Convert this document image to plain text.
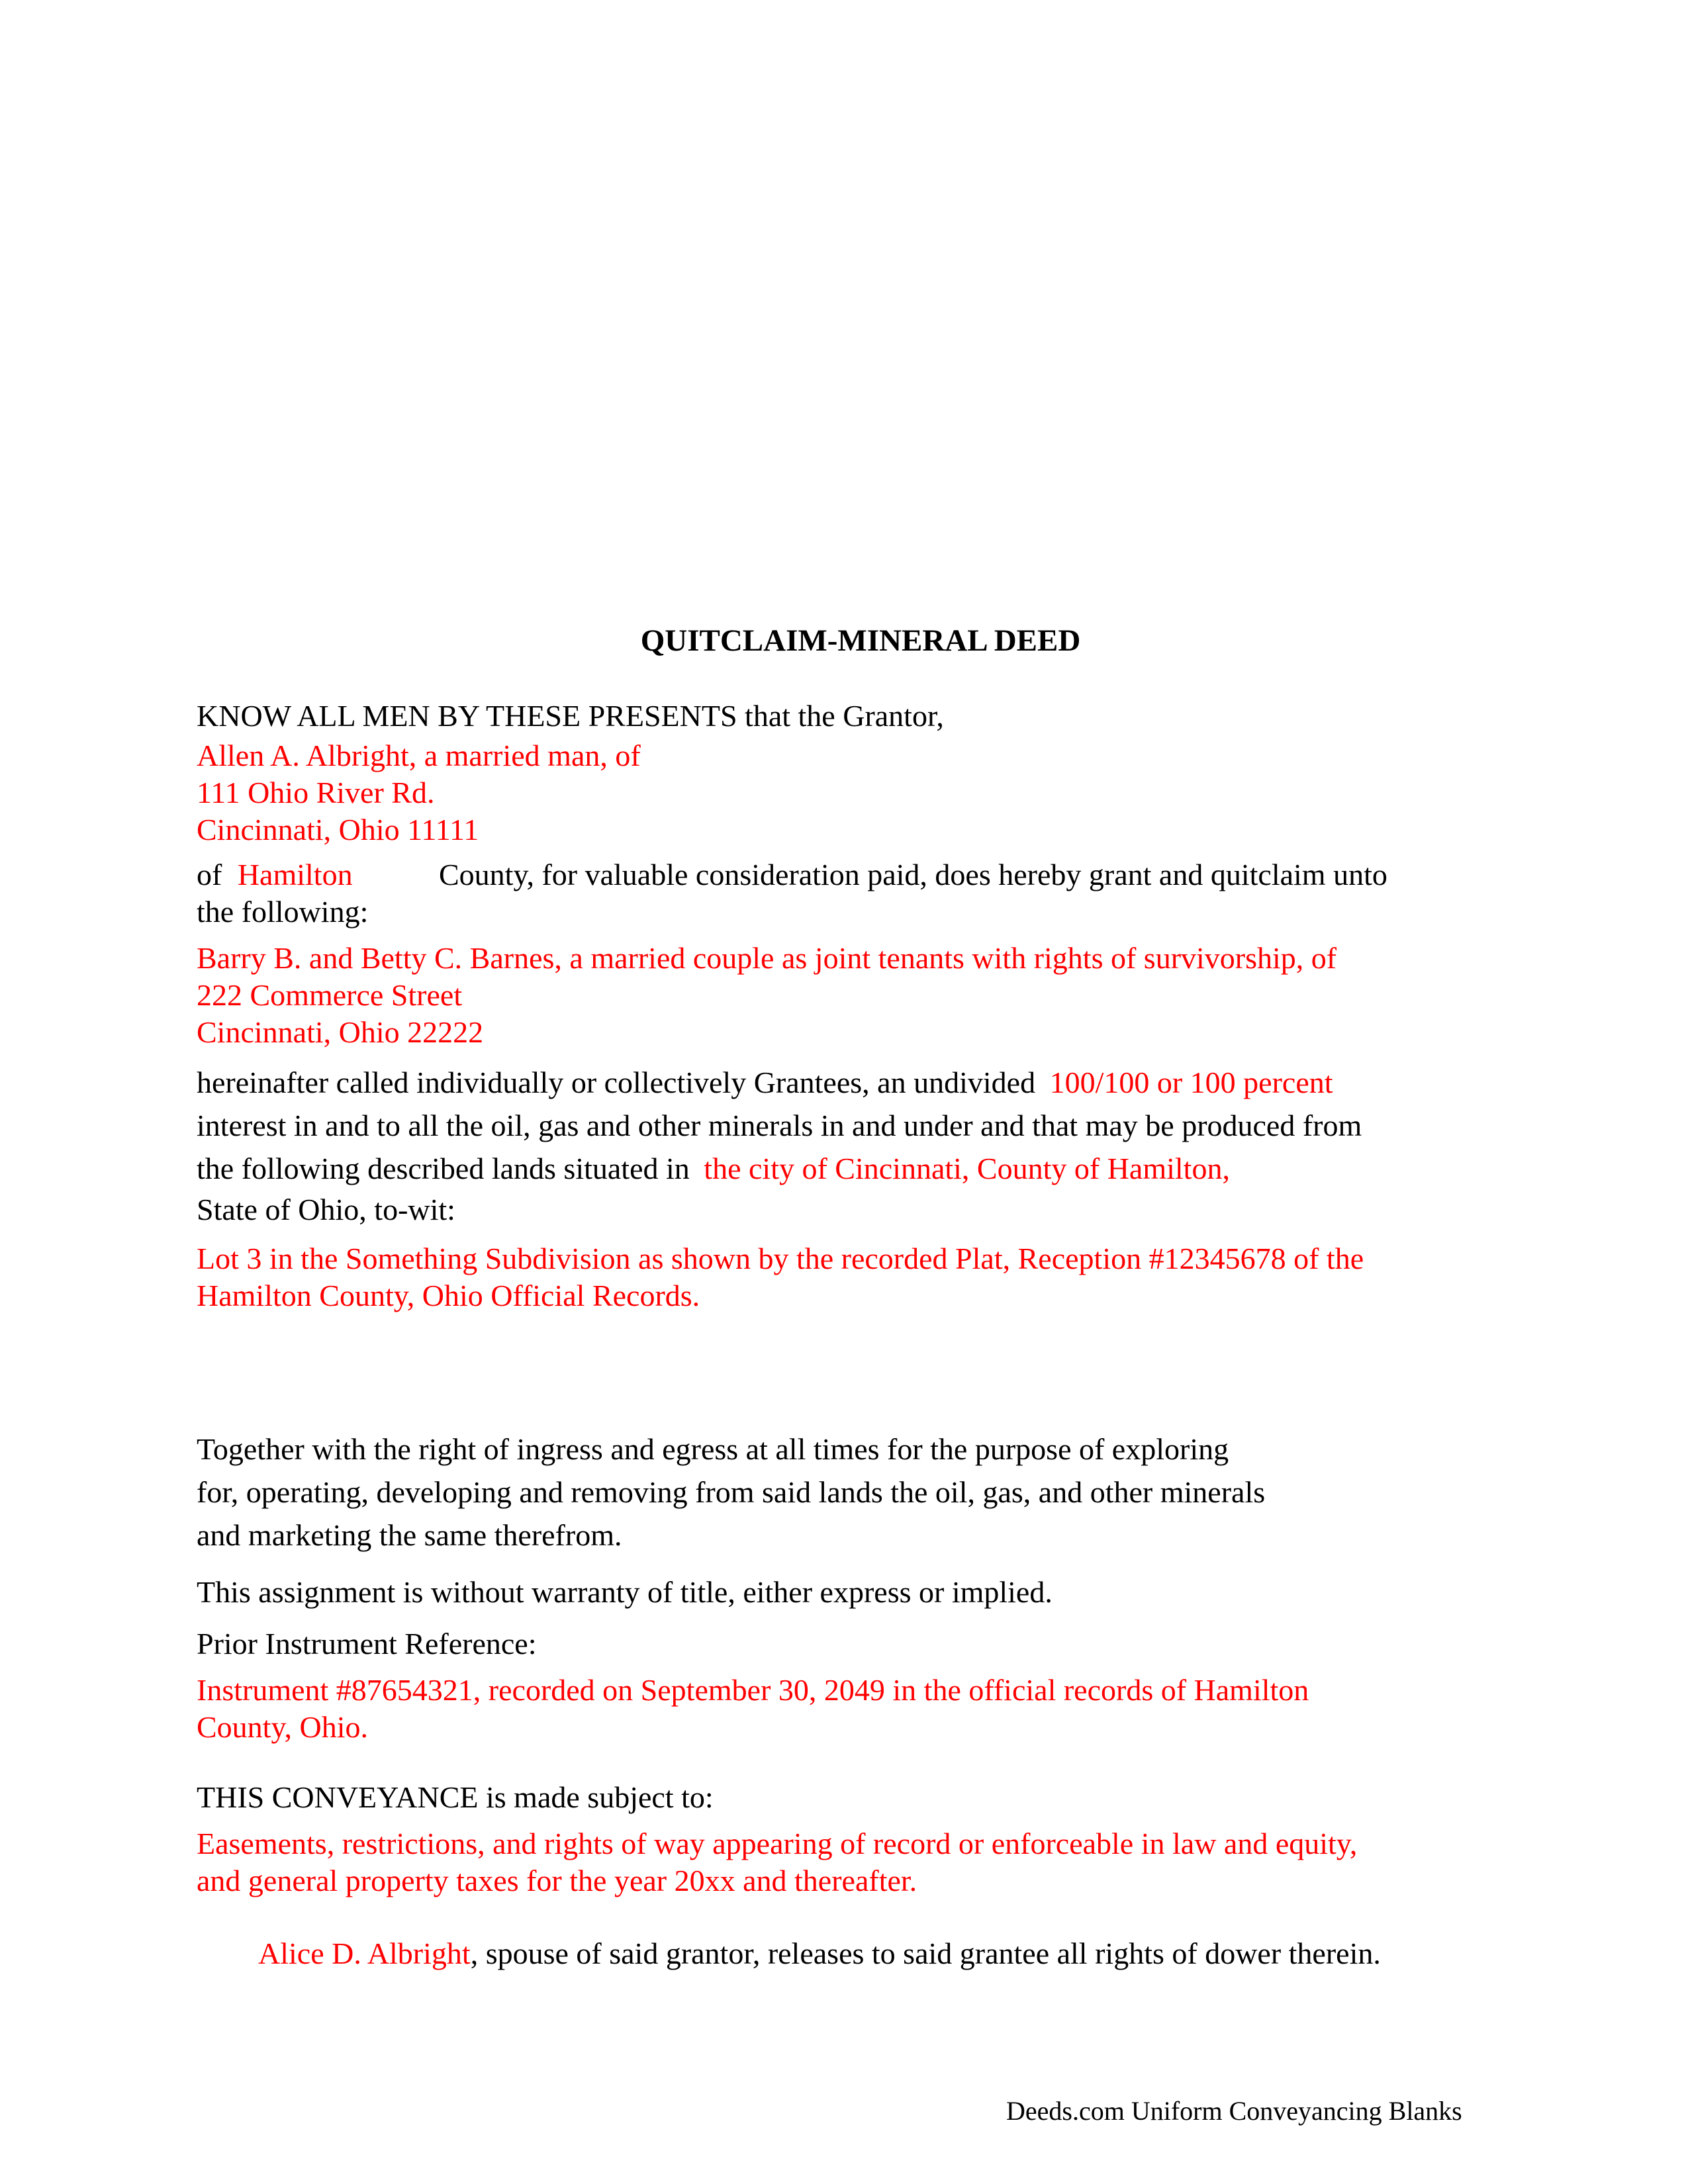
QUITCLAIM-MINERAL DEED
KNOW ALL MEN BY THESE PRESENTS that the Grantor,
Allen A. Albright, a married man, of
111 Ohio River Rd.
Cincinnati, Ohio 11111
of Hamilton	County, for valuable consideration paid, does hereby grant and quitclaim unto
the following:
Barry B. and Betty C. Barnes, a married couple as joint tenants with rights of survivorship, of
222 Commerce Street
Cincinnati, Ohio 22222
hereinafter called individually or collectively Grantees, an undivided 100/100 or 100 percent
interest in and to all the oil, gas and other minerals in and under and that may be produced from
the following described lands situated in the city of Cincinnati, County of Hamilton,
State of Ohio, to-wit:
Lot 3 in the Something Subdivision as shown by the recorded Plat, Reception #12345678 of the
Hamilton County, Ohio Official Records.
Together with the right of ingress and egress at all times for the purpose of exploring
for, operating, developing and removing from said lands the oil, gas, and other minerals
and marketing the same therefrom.
This assignment is without warranty of title, either express or implied.
Prior Instrument Reference:
Instrument #87654321, recorded on September 30, 2049 in the official records of Hamilton
County, Ohio.
THIS CONVEYANCE is made subject to:
Easements, restrictions, and rights of way appearing of record or enforceable in law and equity,
and general property taxes for the year 20xx and thereafter.
Alice D. Albright, spouse of said grantor, releases to said grantee all rights of dower therein.
Deeds.com Uniform Conveyancing Blanks
